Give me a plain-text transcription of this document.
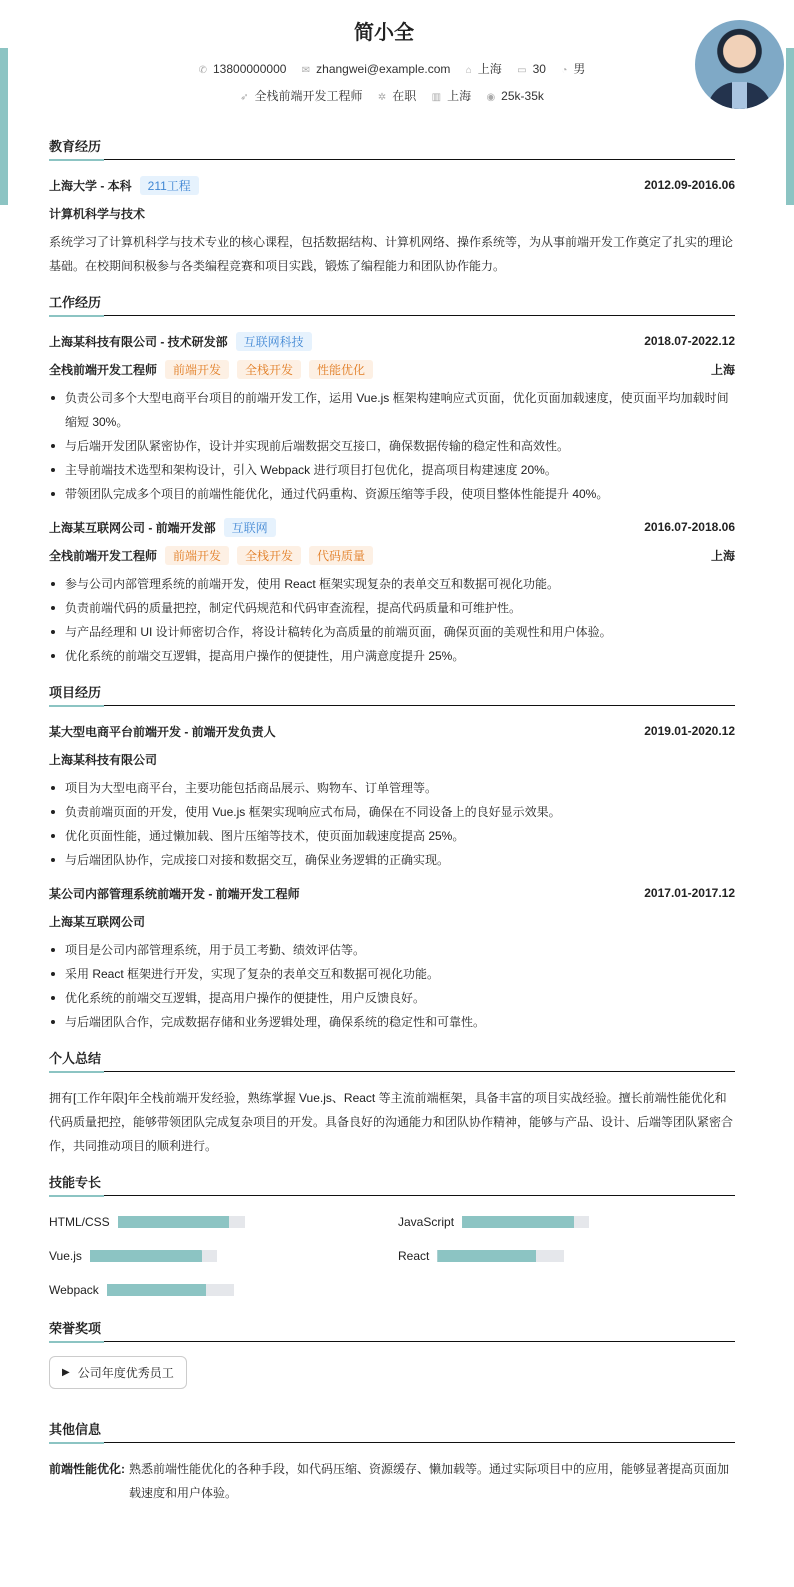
简小全
✆ 13800000000 ✉ zhangwei@example.com ⌂ 上海 ▭ 30 ◔ 男
➶ 全栈前端开发工程师 ✲ 在职 ▥ 上海 ◉ 25k-35k
教育经历
上海大学 - 本科	211工程	2012.09-2016.06
计算机科学与技术
系统学习了计算机科学与技术专业的核心课程，包括数据结构、计算机网络、操作系统等，为从事前端开发工作奠定了扎实的理论基础。在校期间积极参与各类编程竞赛和项目实践，锻炼了编程能力和团队协作能力。
工作经历
上海某科技有限公司 - 技术研发部	互联网科技	2018.07-2022.12
全栈前端开发工程师	前端开发	全栈开发	性能优化	上海
负责公司多个大型电商平台项目的前端开发工作，运用 Vue.js 框架构建响应式页面，优化页面加载速度，使页面平均加载时间缩短 30%。
与后端开发团队紧密协作，设计并实现前后端数据交互接口，确保数据传输的稳定性和高效性。
主导前端技术选型和架构设计，引入 Webpack 进行项目打包优化，提高项目构建速度 20%。
带领团队完成多个项目的前端性能优化，通过代码重构、资源压缩等手段，使项目整体性能提升 40%。
上海某互联网公司 - 前端开发部	互联网	2016.07-2018.06
全栈前端开发工程师	前端开发	全栈开发	代码质量	上海
参与公司内部管理系统的前端开发，使用 React 框架实现复杂的表单交互和数据可视化功能。
负责前端代码的质量把控，制定代码规范和代码审查流程，提高代码质量和可维护性。
与产品经理和 UI 设计师密切合作，将设计稿转化为高质量的前端页面，确保页面的美观性和用户体验。
优化系统的前端交互逻辑，提高用户操作的便捷性，用户满意度提升 25%。
项目经历
某大型电商平台前端开发 - 前端开发负责人	2019.01-2020.12
上海某科技有限公司
项目为大型电商平台，主要功能包括商品展示、购物车、订单管理等。
负责前端页面的开发，使用 Vue.js 框架实现响应式布局，确保在不同设备上的良好显示效果。
优化页面性能，通过懒加载、图片压缩等技术，使页面加载速度提高 25%。
与后端团队协作，完成接口对接和数据交互，确保业务逻辑的正确实现。
某公司内部管理系统前端开发 - 前端开发工程师	2017.01-2017.12
上海某互联网公司
项目是公司内部管理系统，用于员工考勤、绩效评估等。
采用 React 框架进行开发，实现了复杂的表单交互和数据可视化功能。
优化系统的前端交互逻辑，提高用户操作的便捷性，用户反馈良好。
与后端团队合作，完成数据存储和业务逻辑处理，确保系统的稳定性和可靠性。
个人总结
拥有[工作年限]年全栈前端开发经验，熟练掌握 Vue.js、React 等主流前端框架，具备丰富的项目实战经验。擅长前端性能优化和代码质量把控，能够带领团队完成复杂项目的开发。具备良好的沟通能力和团队协作精神，能够与产品、设计、后端等团队紧密合作，共同推动项目的顺利进行。
技能专长
HTML/CSS	JavaScript
Vue.js	React
Webpack
荣誉奖项
▶ 公司年度优秀员工
其他信息
前端性能优化: 熟悉前端性能优化的各种手段，如代码压缩、资源缓存、懒加载等。通过实际项目中的应用，能够显著提高页面加载速度和用户体验。
